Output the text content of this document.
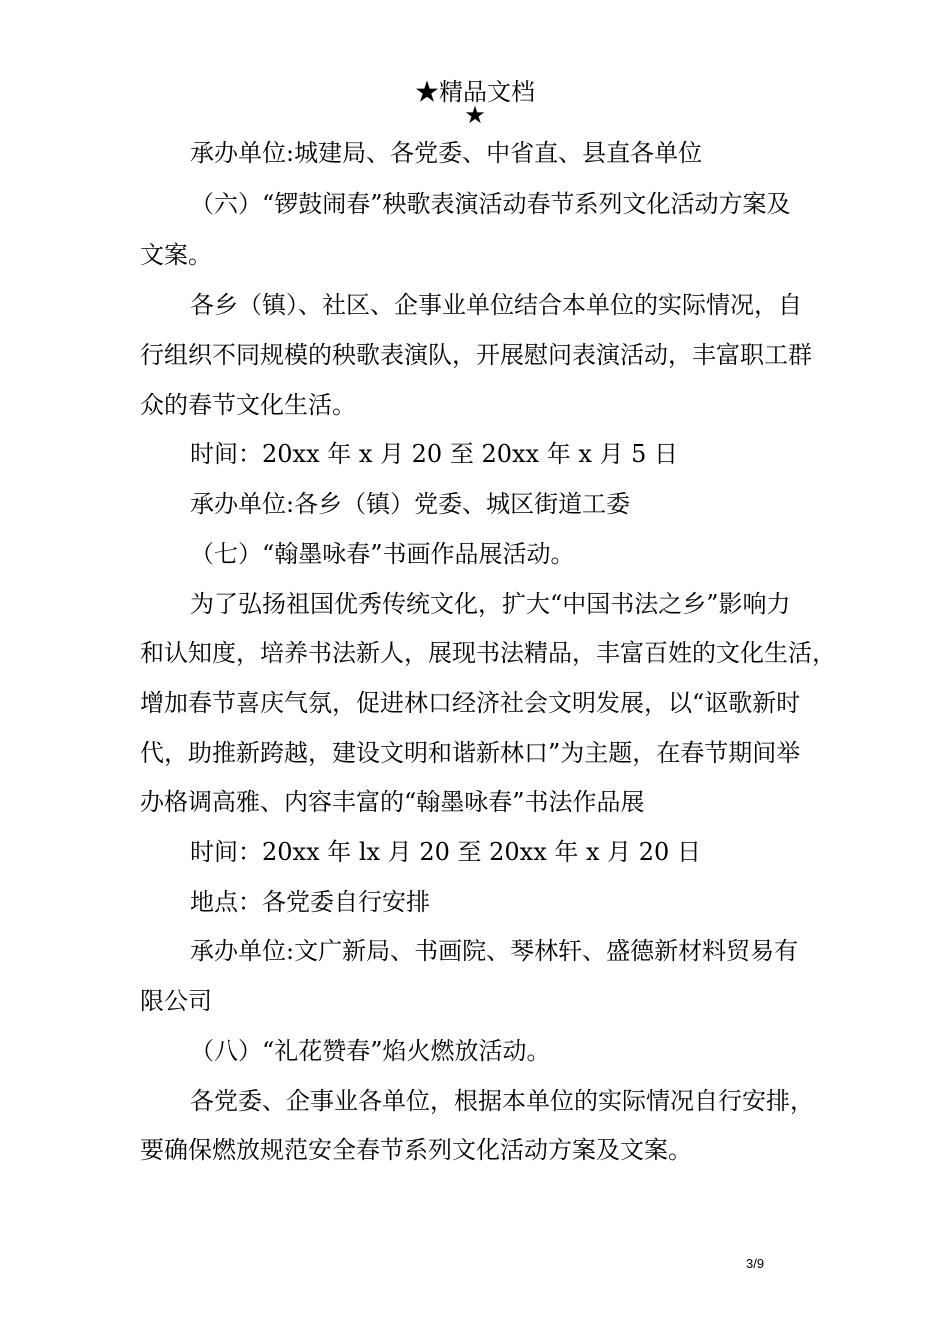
★精品文档
★
承办单位:城建局、各党委、中省直、县直各单位
（六）“锣鼓闹春”秧歌表演活动春节系列文化活动方案及
文案。
各乡（镇）、社区、企事业单位结合本单位的实际情况，自
行组织不同规模的秧歌表演队，开展慰问表演活动，丰富职工群
众的春节文化生活。
时间：20xx 年 x 月 20 至 20xx 年 x 月 5 日
承办单位:各乡（镇）党委、城区街道工委
（七）“翰墨咏春”书画作品展活动。
为了弘扬祖国优秀传统文化，扩大“中国书法之乡”影响力
和认知度，培养书法新人，展现书法精品，丰富百姓的文化生活，
增加春节喜庆气氛，促进林口经济社会文明发展，以“讴歌新时
代，助推新跨越，建设文明和谐新林口”为主题，在春节期间举
办格调高雅、内容丰富的“翰墨咏春”书法作品展
时间：20xx 年 lx 月 20 至 20xx 年 x 月 20 日
地点：各党委自行安排
承办单位:文广新局、书画院、琴林轩、盛德新材料贸易有
限公司
（八）“礼花赞春”焰火燃放活动。
各党委、企事业各单位，根据本单位的实际情况自行安排，
要确保燃放规范安全春节系列文化活动方案及文案。
3/9
